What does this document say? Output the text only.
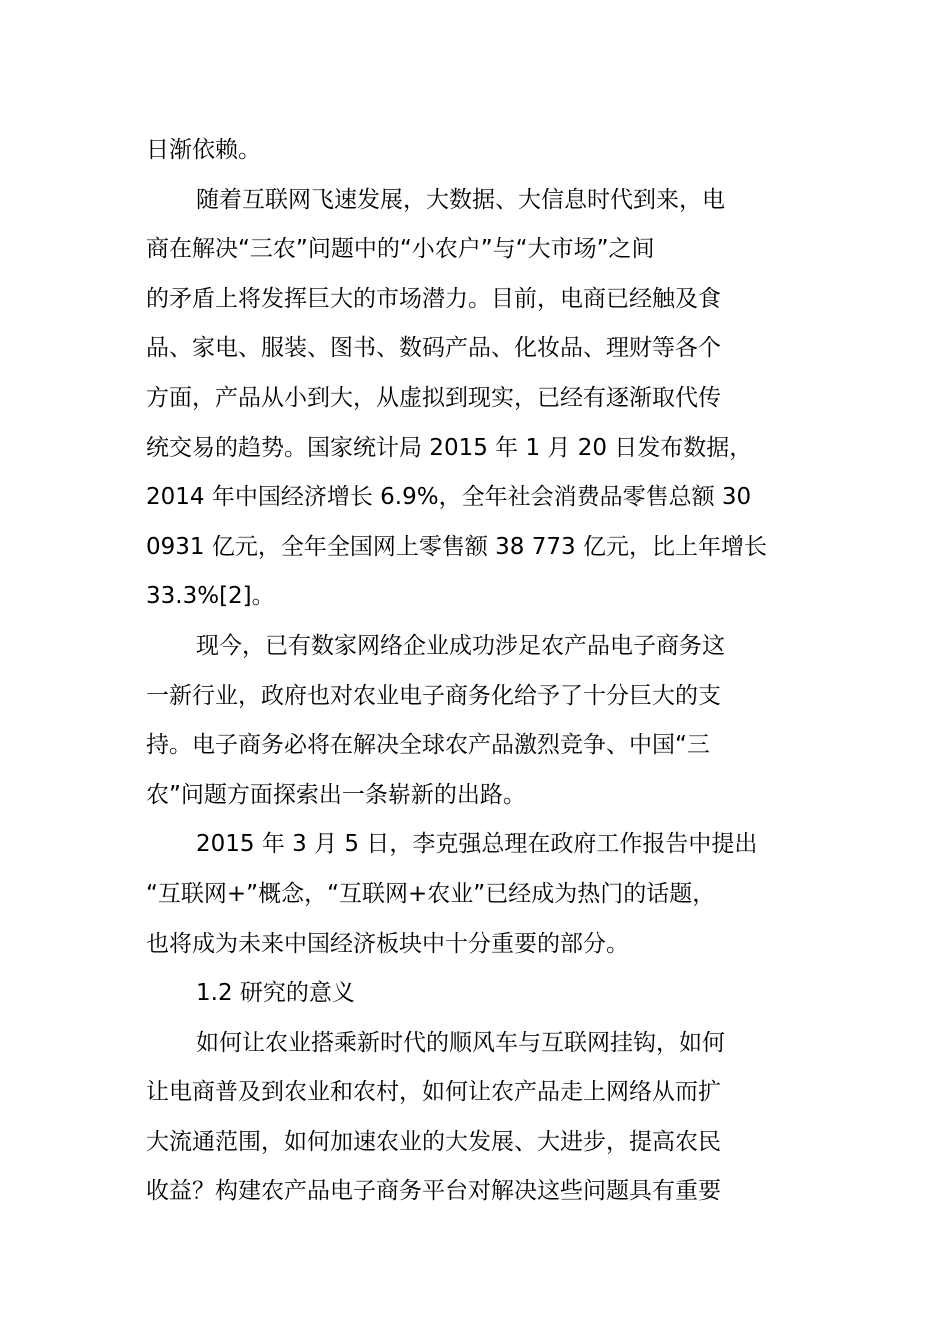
日渐依赖。
随着互联网飞速发展，大数据、大信息时代到来，电
商在解决“三农”问题中的“小农户”与“大市场”之间
的矛盾上将发挥巨大的市场潜力。目前，电商已经触及食
品、家电、服装、图书、数码产品、化妆品、理财等各个
方面，产品从小到大，从虚拟到现实，已经有逐渐取代传
统交易的趋势。国家统计局 2015 年 1 月 20 日发布数据，
2014 年中国经济增长 6.9%，全年社会消费品零售总额 30
0931 亿元，全年全国网上零售额 38 773 亿元，比上年增长
33.3%[2]。
现今，已有数家网络企业成功涉足农产品电子商务这
一新行业，政府也对农业电子商务化给予了十分巨大的支
持。电子商务必将在解决全球农产品激烈竞争、中国“三
农”问题方面探索出一条崭新的出路。
2015 年 3 月 5 日，李克强总理在政府工作报告中提出
“互联网+”概念，“互联网+农业”已经成为热门的话题，
也将成为未来中国经济板块中十分重要的部分。
1.2 研究的意义
如何让农业搭乘新时代的顺风车与互联网挂钩，如何
让电商普及到农业和农村，如何让农产品走上网络从而扩
大流通范围，如何加速农业的大发展、大进步，提高农民
收益？构建农产品电子商务平台对解决这些问题具有重要
